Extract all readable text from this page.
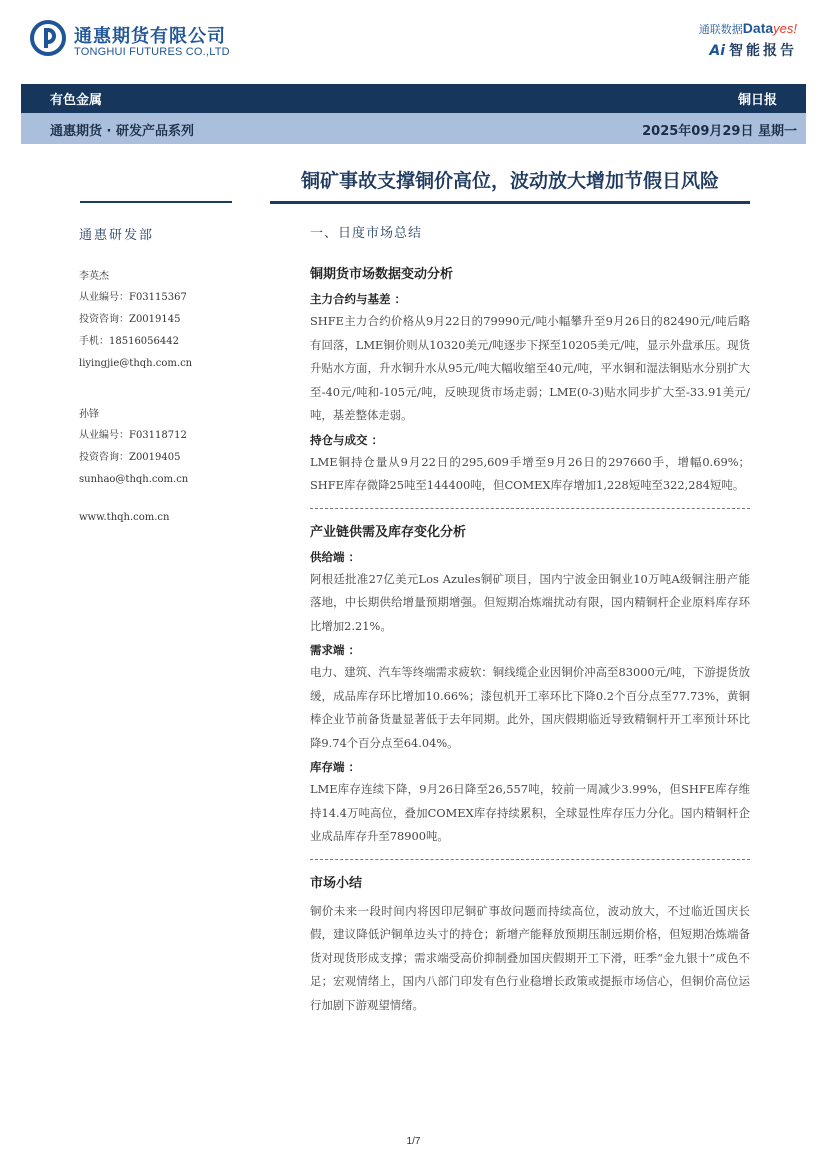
通惠期货有限公司
TONGHUI FUTURES CO.,LTD
通联数据Datayes!
Ai 智能报告
有色金属	铜日报
通惠期货 · 研发产品系列	2025年09月29日 星期一
铜矿事故支撑铜价高位，波动放大增加节假日风险
通惠研发部
李英杰
从业编号：F03115367
投资咨询：Z0019145
手机：18516056442
liyingjie@thqh.com.cn
孙锋
从业编号：F03118712
投资咨询：Z0019405
sunhao@thqh.com.cn
www.thqh.com.cn
一、日度市场总结
铜期货市场数据变动分析
主力合约与基差 ：

SHFE主力合约价格从9月22日的79990元/吨小幅攀升至9月26日的82490元/吨后略有回落，LME铜价则从10320美元/吨逐步下探至10205美元/吨，显示外盘承压。现货升贴水方面，升水铜升水从95元/吨大幅收缩至40元/吨，平水铜和湿法铜贴水分别扩大至-40元/吨和-105元/吨，反映现货市场走弱；LME(0-3)贴水同步扩大至-33.91美元/吨，基差整体走弱。

持仓与成交 ：

LME铜持仓量从9月22日的295,609手增至9月26日的297660手，增幅0.69%；SHFE库存微降25吨至144400吨，但COMEX库存增加1,228短吨至322,284短吨。

产业链供需及库存变化分析
供给端 ：

阿根廷批准27亿美元Los Azules铜矿项目，国内宁波金田铜业10万吨A级铜注册产能落地，中长期供给增量预期增强。但短期冶炼端扰动有限，国内精铜杆企业原料库存环比增加2.21%。

需求端 ：

电力、建筑、汽车等终端需求疲软：铜线缆企业因铜价冲高至83000元/吨，下游提货放缓，成品库存环比增加10.66%；漆包机开工率环比下降0.2个百分点至77.73%，黄铜棒企业节前备货量显著低于去年同期。此外，国庆假期临近导致精铜杆开工率预计环比降9.74个百分点至64.04%。

库存端 ：

LME库存连续下降，9月26日降至26,557吨，较前一周减少3.99%，但SHFE库存维持14.4万吨高位，叠加COMEX库存持续累积，全球显性库存压力分化。国内精铜杆企业成品库存升至78900吨。

市场小结

铜价未来一段时间内将因印尼铜矿事故问题而持续高位，波动放大，不过临近国庆长假，建议降低沪铜单边头寸的持仓；新增产能释放预期压制远期价格，但短期冶炼端备货对现货形成支撑；需求端受高价抑制叠加国庆假期开工下滑，旺季“金九银十”成色不足；宏观情绪上，国内八部门印发有色行业稳增长政策或提振市场信心，但铜价高位运行加剧下游观望情绪。

1/7
